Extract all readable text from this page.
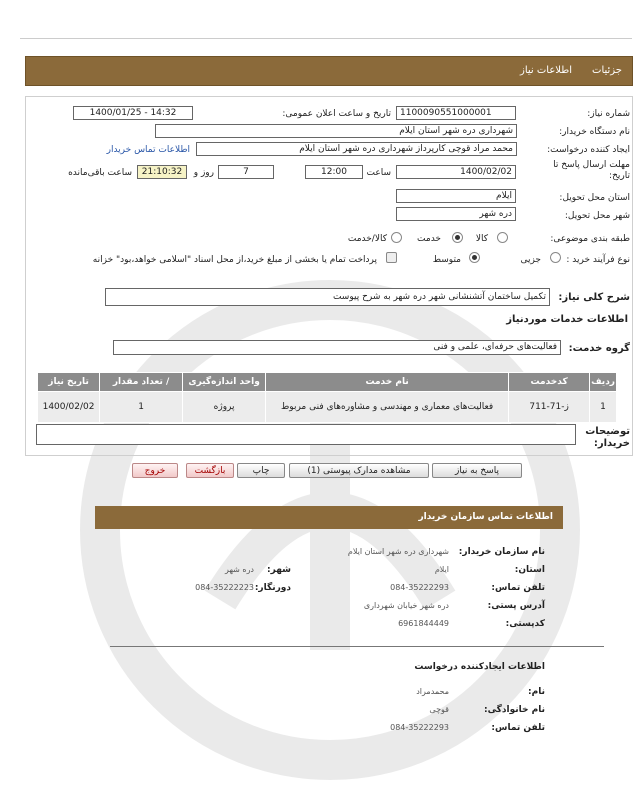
جزئیات
اطلاعات نیاز
شماره نیاز:
1100090551000001
تاریخ و ساعت اعلان عمومی:
1400/01/25 - 14:32
نام دستگاه خریدار:
شهرداری دره شهر استان ایلام
ایجاد کننده درخواست:
محمد مراد قوچی کارپرداز شهرداری دره شهر استان ایلام
اطلاعات تماس خریدار
مهلت ارسال پاسخ تا تاریخ:
1400/02/02
ساعت
12:00
7
روز و
21:10:32
ساعت باقی‌مانده
استان محل تحویل:
ایلام
شهر محل تحویل:
دره شهر
طبقه بندی موضوعی:
کالا
خدمت
کالا/خدمت
نوع فرآیند خرید :
جزیی
متوسط
پرداخت تمام یا بخشی از مبلغ خرید،از محل اسناد "اسلامی خواهد،بود" خزانه
شرح کلی نیاز:
تکمیل ساختمان آتشنشانی شهر دره شهر به شرح پیوست
اطلاعات خدمات موردنیاز
گروه خدمت:
فعالیت‌های حرفه‌ای، علمی و فنی
ردیف	کدخدمت	نام خدمت	واحد اندازه‌گیری	/ تعداد مقدار	تاریخ نیاز
1	ز-71-711	فعالیت‌های معماری و مهندسی و مشاوره‌های فنی مربوط	پروژه	1	1400/02/02
توضیحات خریدار:
پاسخ به نیاز
مشاهده مدارک پیوستی (1)
چاپ
بازگشت
خروج
اطلاعات تماس سازمان خریدار
نام سازمان خریدار:
شهرداری دره شهر استان ایلام
استان:
ایلام
شهر:
دره شهر
تلفن تماس:
084-35222293
دورنگار:
084-35222223
آدرس پستی:
دره شهر خیابان شهرداری
کدپستی:
6961844449
اطلاعات ایجادکننده درخواست
نام:
محمدمراد
نام خانوادگی:
قوچی
تلفن تماس:
084-35222293
